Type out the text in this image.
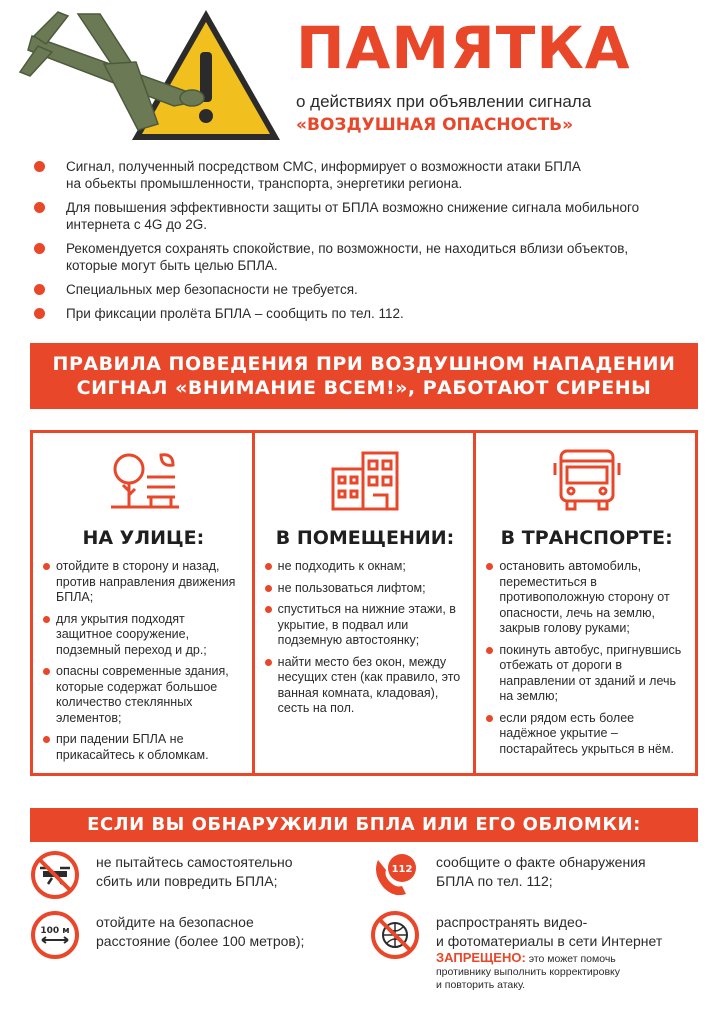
ПАМЯТКА
о действиях при объявлении сигнала
«ВОЗДУШНАЯ ОПАСНОСТЬ»
Сигнал, полученный посредством СМС, информирует о возможности атаки БПЛА
на обьекты промышленности, транспорта, энергетики региона.
Для повышения эффективности защиты от БПЛА возможно снижение сигнала мобильного
интернета с 4G до 2G.
Рекомендуется сохранять спокойствие, по возможности, не находиться вблизи объектов,
которые могут быть целью БПЛА.
Специальных мер безопасности не требуется.
При фиксации пролёта БПЛА – сообщить по тел. 112.
ПРАВИЛА ПОВЕДЕНИЯ ПРИ ВОЗДУШНОМ НАПАДЕНИИ
СИГНАЛ «ВНИМАНИЕ ВСЕМ!», РАБОТАЮТ СИРЕНЫ
НА УЛИЦЕ:
отойдите в сторону и назад, против направления движения БПЛА;
для укрытия подходят защитное сооружение, подземный переход и др.;
опасны современные здания, которые содержат большое количество стеклянных элементов;
при падении БПЛА не прикасайтесь к обломкам.
В ПОМЕЩЕНИИ:
не подходить к окнам;
не пользоваться лифтом;
спуститься на нижние этажи, в укрытие, в подвал или подземную автостоянку;
найти место без окон, между несущих стен (как правило, это ванная комната, кладовая), сесть на пол.
В ТРАНСПОРТЕ:
остановить автомобиль, переместиться в противоположную сторону от опасности, лечь на землю, закрыв голову руками;
покинуть автобус, пригнувшись отбежать от дороги в направлении от зданий и лечь на землю;
если рядом есть более надёжное укрытие – постарайтесь укрыться в нём.
ЕСЛИ ВЫ ОБНАРУЖИЛИ БПЛА ИЛИ ЕГО ОБЛОМКИ:
не пытайтесь самостоятельно
сбить или повредить БПЛА;
100 м
отойдите на безопасное
расстояние (более 100 метров);
112 сообщите о факте обнаружения
БПЛА по тел. 112;
распространять видео-
и фотоматериалы в сети Интернет
ЗАПРЕЩЕНО: это может помочь
противнику выполнить корректировку
и повторить атаку.
